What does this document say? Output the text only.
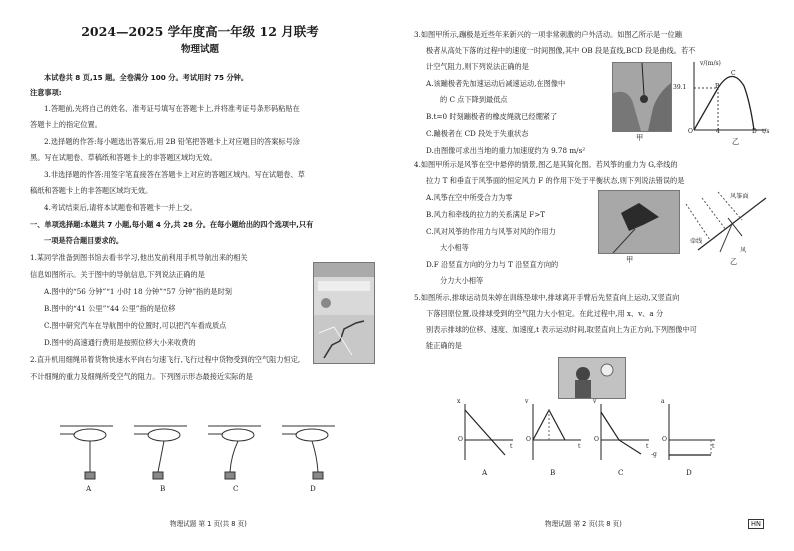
2024—2025 学年度高一年级 12 月联考
物理试题

本试卷共 8 页,15 题。全卷满分 100 分。考试用时 75 分钟。

注意事项:

1.答题前,先将自己的姓名、准考证号填写在答题卡上,并将准考证号条形码粘贴在

答题卡上的指定位置。

2.选择题的作答:每小题选出答案后,用 2B 铅笔把答题卡上对应题目的答案标号涂

黑。写在试题卷、草稿纸和答题卡上的非答题区域均无效。

3.非选择题的作答:用签字笔直接答在答题卡上对应的答题区域内。写在试题卷、草

稿纸和答题卡上的非答题区域均无效。

4.考试结束后,请将本试题卷和答题卡一并上交。

一、单项选择题:本题共 7 小题,每小题 4 分,共 28 分。在每小题给出的四个选项中,只有

一项是符合题目要求的。

1.某同学准备到图书馆去看书学习,他出发前利用手机导航出来的相关

信息如图所示。关于图中的导航信息,下列说法正确的是

A.图中的“56 分钟”“1 小时 18 分钟”“57 分钟”指的是时刻

B.图中的“41 公里”“44 公里”指的是位移

C.图中研究汽车在导航图中的位置时,可以把汽车看成质点

D.图中的高速通行费用是按照位移大小来收费的

2.直升机用细绳吊着货物快速水平向右匀速飞行,飞行过程中货物受到的空气阻力恒定,

不计细绳的重力及细绳所受空气的阻力。下列图示形态最接近实际的是

A	B	C	D

物理试题 第 1 页(共 8 页)

3.如图甲所示,蹦极是近些年来新兴的一项非常刺激的户外活动。如图乙所示是一位蹦

极者从高处下落的过程中的速度一时间图像,其中 OB 段是直线,BCD 段是曲线。若不

计空气阻力,则下列说法正确的是

A.该蹦极者先加速运动后减速运动,在图像中

的 C 点下降到最低点

B.t=0 时刻蹦极者的橡皮绳就已经绷紧了

C.蹦极者在 CD 段处于失重状态

D.由图像可求出当地的重力加速度约为 9.78 m/s²

甲

v/(m/s)

39.1	B

C

O	4	D t/s

乙

4.如图甲所示是风筝在空中悬停的情景,图乙是其简化图。若风筝的重力为 G,牵线的

拉力 T 和垂直于风筝面的恒定风力 F 的作用下处于平衡状态,则下列说法错误的是

A.风筝在空中所受合力为零

B.风力和牵线的拉力的关系满足 F>T

C.风对风筝的作用力与风筝对风的作用力

大小相等

D.F 沿竖直方向的分力与 T 沿竖直方向的

分力大小相等

甲

风筝面

牵线

风

乙

5.如图所示,排球运动员朱婷在训练垫球中,排球离开手臂后先竖直向上运动,又竖直向

下落回原位置,设排球受到的空气阻力大小恒定。在此过程中,用 x、v、a 分

别表示排球的位移、速度、加速度,t 表示运动时间,取竖直向上为正方向,下列图像中可

能正确的是

x	v	v	a

O	O	O	O

t	t	t	t

-g

A	B	C	D

物理试题 第 2 页(共 8 页)	HN
